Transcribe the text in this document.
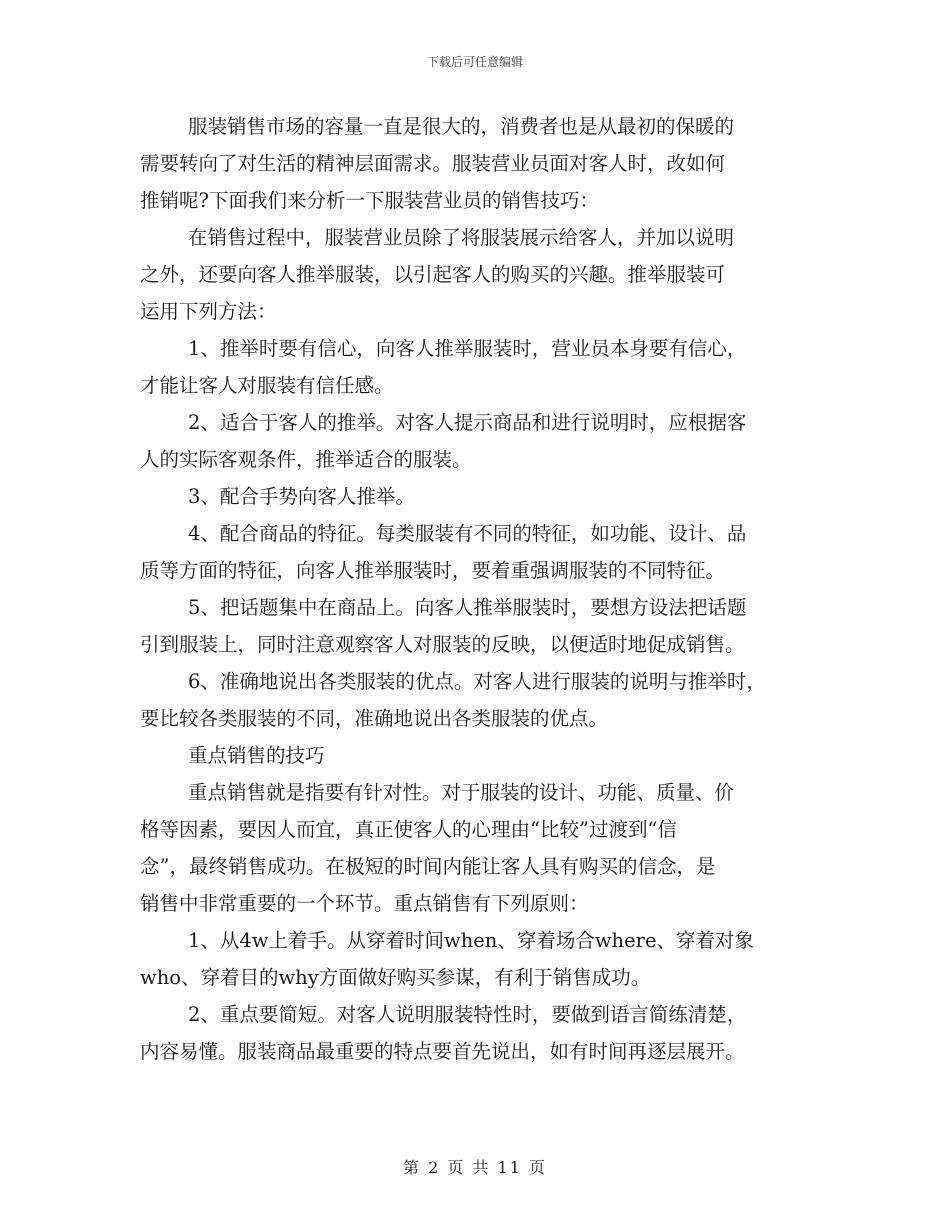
下载后可任意编辑
服装销售市场的容量一直是很大的，消费者也是从最初的保暖的
需要转向了对生活的精神层面需求。服装营业员面对客人时，改如何
推销呢?下面我们来分析一下服装营业员的销售技巧：
在销售过程中，服装营业员除了将服装展示给客人，并加以说明
之外，还要向客人推举服装，以引起客人的购买的兴趣。推举服装可
运用下列方法：
1、推举时要有信心，向客人推举服装时，营业员本身要有信心，
才能让客人对服装有信任感。
2、适合于客人的推举。对客人提示商品和进行说明时，应根据客
人的实际客观条件，推举适合的服装。
3、配合手势向客人推举。
4、配合商品的特征。每类服装有不同的特征，如功能、设计、品
质等方面的特征，向客人推举服装时，要着重强调服装的不同特征。
5、把话题集中在商品上。向客人推举服装时，要想方设法把话题
引到服装上，同时注意观察客人对服装的反映，以便适时地促成销售。
6、准确地说出各类服装的优点。对客人进行服装的说明与推举时，
要比较各类服装的不同，准确地说出各类服装的优点。
重点销售的技巧
重点销售就是指要有针对性。对于服装的设计、功能、质量、价
格等因素，要因人而宜，真正使客人的心理由“比较”过渡到“信
念”，最终销售成功。在极短的时间内能让客人具有购买的信念，是
销售中非常重要的一个环节。重点销售有下列原则：
1、从4w上着手。从穿着时间when、穿着场合where、穿着对象
who、穿着目的why方面做好购买参谋，有利于销售成功。
2、重点要简短。对客人说明服装特性时，要做到语言简练清楚，
内容易懂。服装商品最重要的特点要首先说出，如有时间再逐层展开。
第 2 页 共 11 页
